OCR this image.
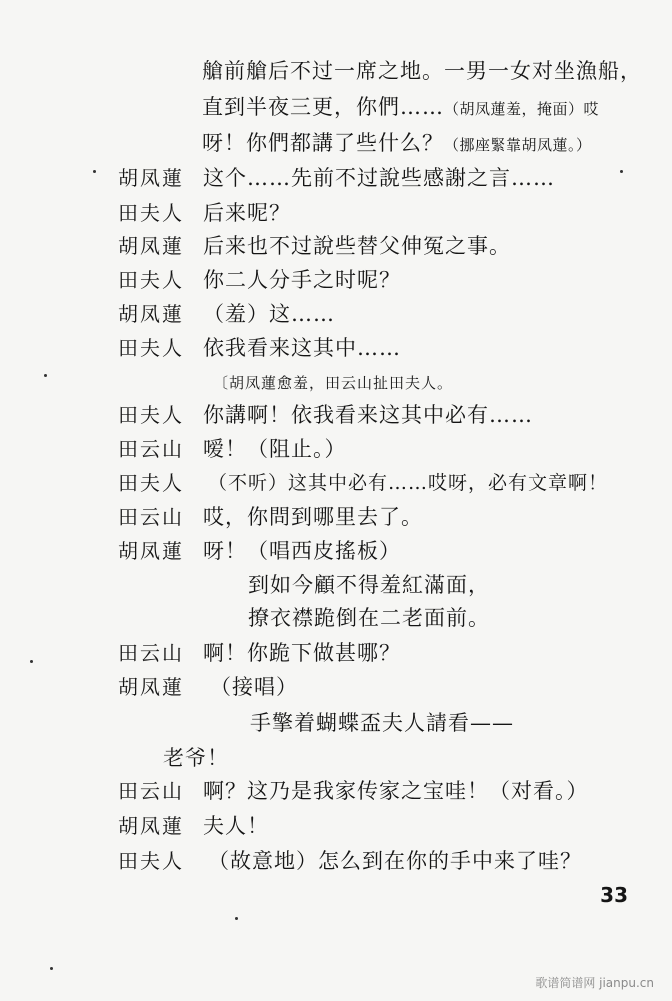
艙前艙后不过一席之地。一男一女对坐漁船，
直到半夜三更，你們……（胡凤蓮羞，掩面）哎
呀！你們都講了些什么？（挪座緊靠胡凤蓮。）
胡凤蓮 这个……先前不过說些感謝之言……
田夫人 后来呢？
胡凤蓮 后来也不过說些替父伸冤之事。
田夫人 你二人分手之时呢？
胡凤蓮 （羞）这……
田夫人 依我看来这其中……
〔胡凤蓮愈羞，田云山扯田夫人。
田夫人 你講啊！依我看来这其中必有……
田云山 嗳！（阻止。）
田夫人 （不听）这其中必有……哎呀，必有文章啊！
田云山 哎，你問到哪里去了。
胡凤蓮 呀！（唱西皮搖板）
到如今顧不得羞紅滿面，
撩衣襟跪倒在二老面前。
田云山 啊！你跪下做甚哪？
胡凤蓮 （接唱）
手擎着蝴蝶盃夫人請看——
老爷！
田云山 啊？这乃是我家传家之宝哇！（对看。）
胡凤蓮 夫人！
田夫人 （故意地）怎么到在你的手中来了哇？
33
歌谱简谱网 jianpu.cn
